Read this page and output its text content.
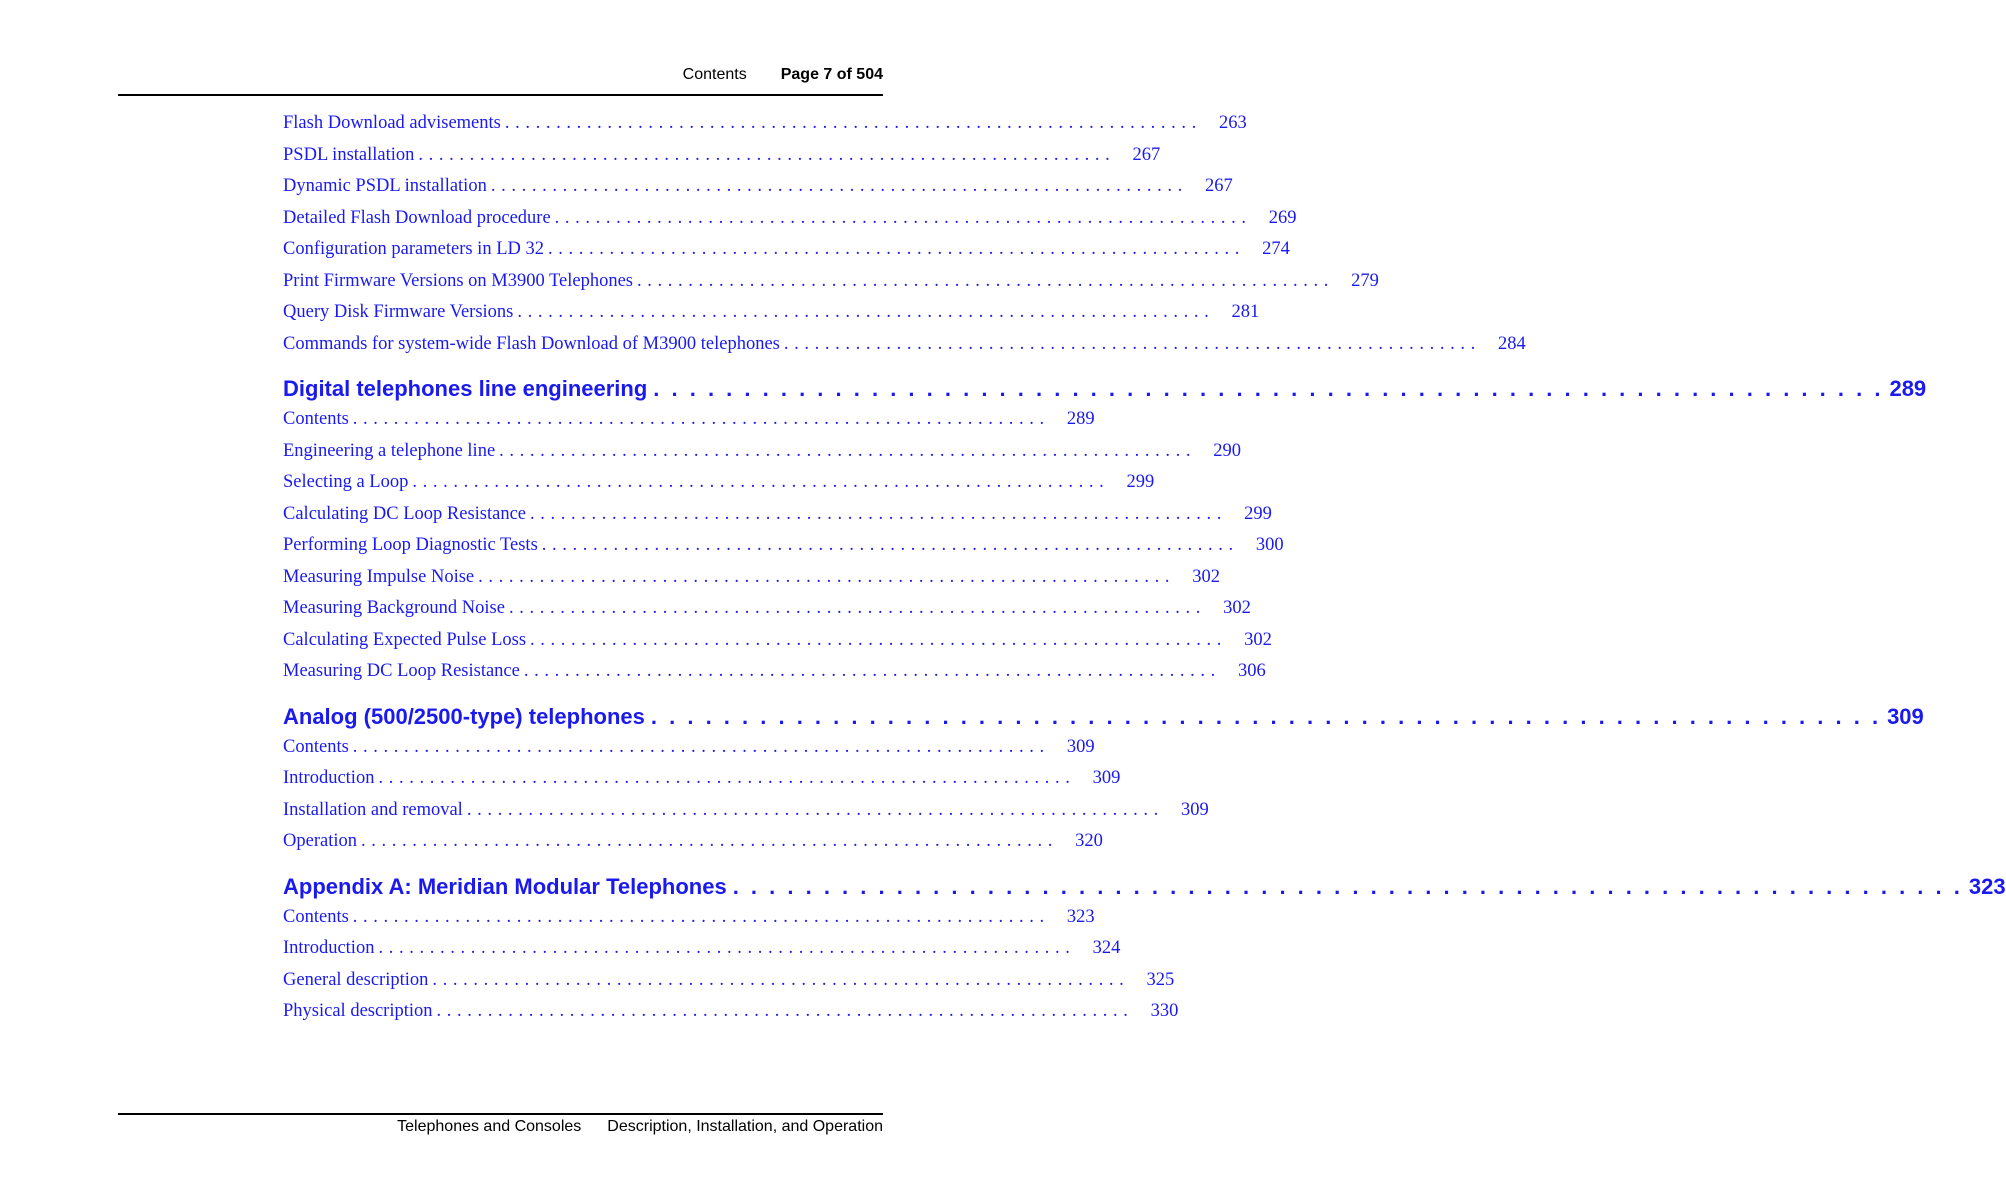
Contents Page 7 of 504
Flash Download advisements . . . . . . . . . . . . . . . . . . . . . . . . . . . . . . . . . . . . . . . . . . . . . . . . . . . . . . . . . . . . . . . . . . . . 263
PSDL installation . . . . . . . . . . . . . . . . . . . . . . . . . . . . . . . . . . . . . . . . . . . . . . . . . . . . . . . . . . . . . . . . . . . . 267
Dynamic PSDL installation . . . . . . . . . . . . . . . . . . . . . . . . . . . . . . . . . . . . . . . . . . . . . . . . . . . . . . . . . . . . . . . . . . . . 267
Detailed Flash Download procedure . . . . . . . . . . . . . . . . . . . . . . . . . . . . . . . . . . . . . . . . . . . . . . . . . . . . . . . . . . . . . . . . . . . . 269
Configuration parameters in LD 32 . . . . . . . . . . . . . . . . . . . . . . . . . . . . . . . . . . . . . . . . . . . . . . . . . . . . . . . . . . . . . . . . . . . . 274
Print Firmware Versions on M3900 Telephones . . . . . . . . . . . . . . . . . . . . . . . . . . . . . . . . . . . . . . . . . . . . . . . . . . . . . . . . . . . . . . . . . . . . 279
Query Disk Firmware Versions . . . . . . . . . . . . . . . . . . . . . . . . . . . . . . . . . . . . . . . . . . . . . . . . . . . . . . . . . . . . . . . . . . . . 281
Commands for system-wide Flash Download of M3900 telephones . . . . . . . . . . . . . . . . . . . . . . . . . . . . . . . . . . . . . . . . . . . . . . . . . . . . . . . . . . . . . . . . . . . . 284
Digital telephones line engineering . . . . . . . . . . . . . . . . . . . . . . . . . . . . . . . . . . . . . . . . . . . . . . . . . . . . . . . . . . . . . . . . . . . . 289
Contents . . . . . . . . . . . . . . . . . . . . . . . . . . . . . . . . . . . . . . . . . . . . . . . . . . . . . . . . . . . . . . . . . . . . 289
Engineering a telephone line . . . . . . . . . . . . . . . . . . . . . . . . . . . . . . . . . . . . . . . . . . . . . . . . . . . . . . . . . . . . . . . . . . . . 290
Selecting a Loop . . . . . . . . . . . . . . . . . . . . . . . . . . . . . . . . . . . . . . . . . . . . . . . . . . . . . . . . . . . . . . . . . . . . 299
Calculating DC Loop Resistance . . . . . . . . . . . . . . . . . . . . . . . . . . . . . . . . . . . . . . . . . . . . . . . . . . . . . . . . . . . . . . . . . . . . 299
Performing Loop Diagnostic Tests . . . . . . . . . . . . . . . . . . . . . . . . . . . . . . . . . . . . . . . . . . . . . . . . . . . . . . . . . . . . . . . . . . . . 300
Measuring Impulse Noise . . . . . . . . . . . . . . . . . . . . . . . . . . . . . . . . . . . . . . . . . . . . . . . . . . . . . . . . . . . . . . . . . . . . 302
Measuring Background Noise . . . . . . . . . . . . . . . . . . . . . . . . . . . . . . . . . . . . . . . . . . . . . . . . . . . . . . . . . . . . . . . . . . . . 302
Calculating Expected Pulse Loss . . . . . . . . . . . . . . . . . . . . . . . . . . . . . . . . . . . . . . . . . . . . . . . . . . . . . . . . . . . . . . . . . . . . 302
Measuring DC Loop Resistance . . . . . . . . . . . . . . . . . . . . . . . . . . . . . . . . . . . . . . . . . . . . . . . . . . . . . . . . . . . . . . . . . . . . 306
Analog (500/2500-type) telephones . . . . . . . . . . . . . . . . . . . . . . . . . . . . . . . . . . . . . . . . . . . . . . . . . . . . . . . . . . . . . . . . . . . . 309
Contents . . . . . . . . . . . . . . . . . . . . . . . . . . . . . . . . . . . . . . . . . . . . . . . . . . . . . . . . . . . . . . . . . . . . 309
Introduction . . . . . . . . . . . . . . . . . . . . . . . . . . . . . . . . . . . . . . . . . . . . . . . . . . . . . . . . . . . . . . . . . . . . 309
Installation and removal . . . . . . . . . . . . . . . . . . . . . . . . . . . . . . . . . . . . . . . . . . . . . . . . . . . . . . . . . . . . . . . . . . . . 309
Operation . . . . . . . . . . . . . . . . . . . . . . . . . . . . . . . . . . . . . . . . . . . . . . . . . . . . . . . . . . . . . . . . . . . . 320
Appendix A: Meridian Modular Telephones . . . . . . . . . . . . . . . . . . . . . . . . . . . . . . . . . . . . . . . . . . . . . . . . . . . . . . . . . . . . . . . . . . . . 323
Contents . . . . . . . . . . . . . . . . . . . . . . . . . . . . . . . . . . . . . . . . . . . . . . . . . . . . . . . . . . . . . . . . . . . . 323
Introduction . . . . . . . . . . . . . . . . . . . . . . . . . . . . . . . . . . . . . . . . . . . . . . . . . . . . . . . . . . . . . . . . . . . . 324
General description . . . . . . . . . . . . . . . . . . . . . . . . . . . . . . . . . . . . . . . . . . . . . . . . . . . . . . . . . . . . . . . . . . . . 325
Physical description . . . . . . . . . . . . . . . . . . . . . . . . . . . . . . . . . . . . . . . . . . . . . . . . . . . . . . . . . . . . . . . . . . . . 330
Telephones and Consoles Description, Installation, and Operation
